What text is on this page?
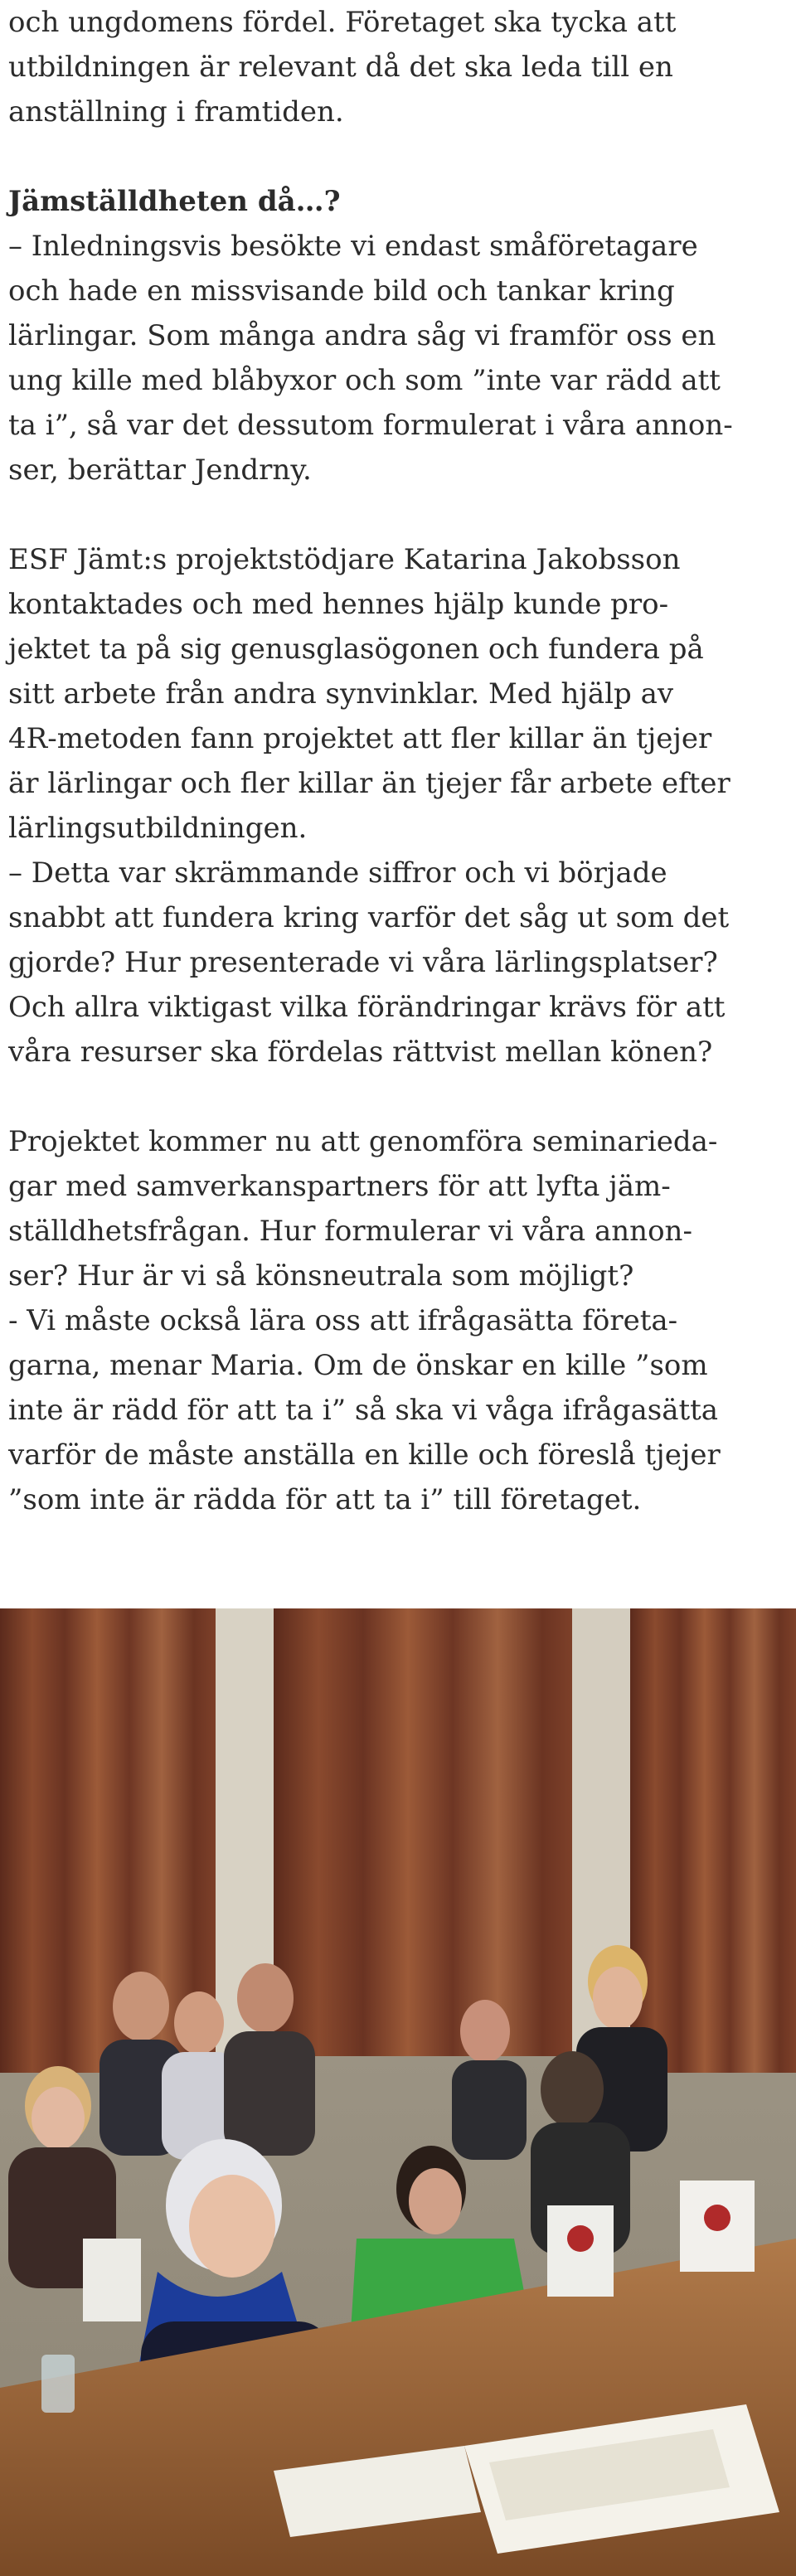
och ungdomens fördel. Företaget ska tycka att
utbildningen är relevant då det ska leda till en
anställning i framtiden.

Jämställdheten då…?
– Inledningsvis besökte vi endast småföretagare
och hade en missvisande bild och tankar kring
lärlingar. Som många andra såg vi framför oss en
ung kille med blåbyxor och som ”inte var rädd att
ta i”, så var det dessutom formulerat i våra annon-
ser, berättar Jendrny.

ESF Jämt:s projektstödjare Katarina Jakobsson
kontaktades och med hennes hjälp kunde pro-
jektet ta på sig genusglasögonen och fundera på
sitt arbete från andra synvinklar. Med hjälp av
4R-metoden fann projektet att fler killar än tjejer
är lärlingar och fler killar än tjejer får arbete efter
lärlingsutbildningen.
– Detta var skrämmande siffror och vi började
snabbt att fundera kring varför det såg ut som det
gjorde? Hur presenterade vi våra lärlingsplatser?
Och allra viktigast vilka förändringar krävs för att
våra resurser ska fördelas rättvist mellan könen?

Projektet kommer nu att genomföra seminarieda-
gar med samverkanspartners för att lyfta jäm-
ställdhetsfrågan. Hur formulerar vi våra annon-
ser? Hur är vi så könsneutrala som möjligt?
- Vi måste också lära oss att ifrågasätta företa-
garna, menar Maria. Om de önskar en kille ”som
inte är rädd för att ta i” så ska vi våga ifrågasätta
varför de måste anställa en kille och föreslå tjejer
”som inte är rädda för att ta i” till företaget.
